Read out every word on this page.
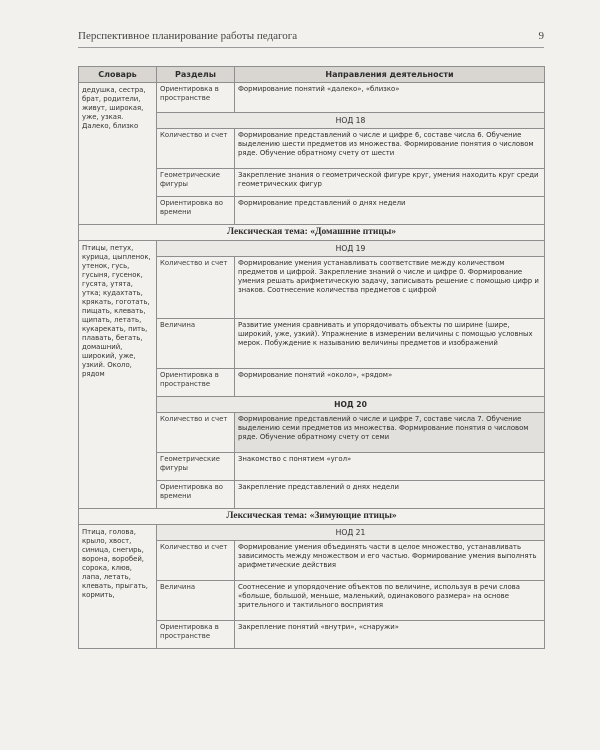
Перспективное планирование работы педагога	9
Словарь	Разделы	Направления деятельности
дедушка, сестра, брат, родители, живут, широкая, уже, узкая. Далеко, близко	Ориентировка в пространстве	Формирование понятий «далеко», «близко»
	НОД 18	
	Количество и счет	Формирование представлений о числе и цифре 6, составе числа 6. Обучение выделению шести предметов из множества. Формирование понятия о числовом ряде. Обучение обратному счету от шести
	Геометрические фигуры	Закрепление знания о геометрической фигуре круг, умения находить круг среди геометрических фигур
	Ориентировка во времени	Формирование представлений о днях недели
Лексическая тема: «Домашние птицы»		
Птицы, петух, курица, цыпленок, утенок, гусь, гусыня, гусенок, гусята, утята, утка; кудахтать, крякать, гоготать, пищать, клевать, щипать, летать, кукарекать, пить, плавать, бегать, домашний, широкий, уже, узкий. Около, рядом	НОД 19	
	Количество и счет	Формирование умения устанавливать соответствие между количеством предметов и цифрой. Закрепление знаний о числе и цифре 0. Формирование умения решать арифметическую задачу, записывать решение с помощью цифр и знаков. Соотнесение количества предметов с цифрой
	Величина	Развитие умения сравнивать и упорядочивать объекты по ширине (шире, широкий, уже, узкий). Упражнение в измерении величины с помощью условных мерок. Побуждение к называнию величины предметов и изображений
	Ориентировка в пространстве	Формирование понятий «около», «рядом»
	НОД 20	
	Количество и счет	Формирование представлений о числе и цифре 7, составе числа 7. Обучение выделению семи предметов из множества. Формирование понятия о числовом ряде. Обучение обратному счету от семи
	Геометрические фигуры	Знакомство с понятием «угол»
	Ориентировка во времени	Закрепление представлений о днях недели
Лексическая тема: «Зимующие птицы»		
Птица, голова, крыло, хвост, синица, снегирь, ворона, воробей, сорока, клюв, лапа, летать, клевать, прыгать, кормить,	НОД 21	
	Количество и счет	Формирование умения объединять части в целое множество, устанавливать зависимость между множеством и его частью. Формирование умения выполнять арифметические действия
	Величина	Соотнесение и упорядочение объектов по величине, используя в речи слова «больше, большой, меньше, маленький, одинакового размера» на основе зрительного и тактильного восприятия
	Ориентировка в пространстве	Закрепление понятий «внутри», «снаружи»
